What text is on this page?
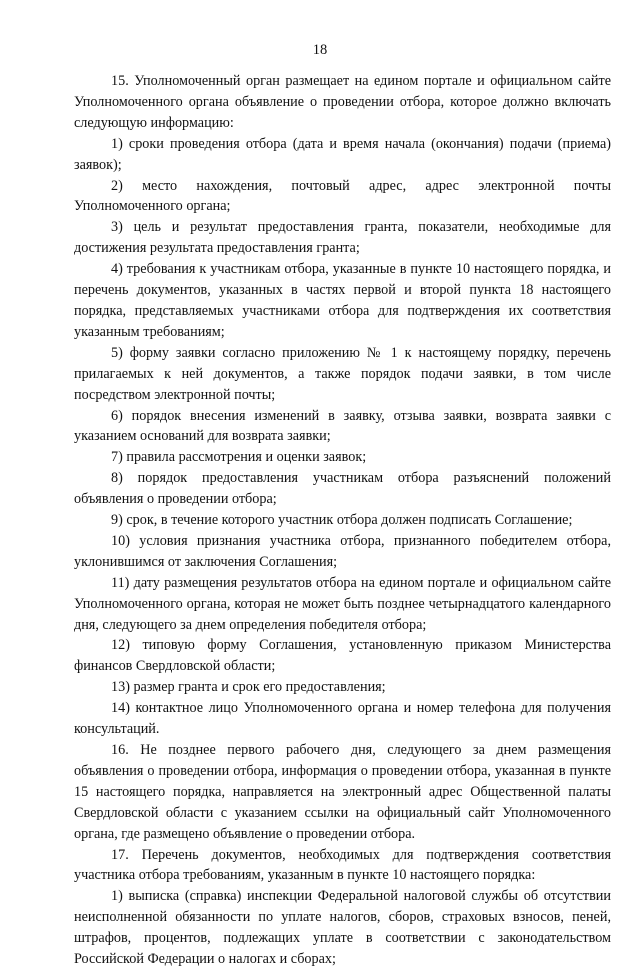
18

15. Уполномоченный орган размещает на едином портале и официальном сайте Уполномоченного органа объявление о проведении отбора, которое должно включать следующую информацию:

1) сроки проведения отбора (дата и время начала (окончания) подачи (приема) заявок);

2) место нахождения, почтовый адрес, адрес электронной почты Уполномоченного органа;

3) цель и результат предоставления гранта, показатели, необходимые для достижения результата предоставления гранта;

4) требования к участникам отбора, указанные в пункте 10 настоящего порядка, и перечень документов, указанных в частях первой и второй пункта 18 настоящего порядка, представляемых участниками отбора для подтверждения их соответствия указанным требованиям;

5) форму заявки согласно приложению № 1 к настоящему порядку, перечень прилагаемых к ней документов, а также порядок подачи заявки, в том числе посредством электронной почты;

6) порядок внесения изменений в заявку, отзыва заявки, возврата заявки с указанием оснований для возврата заявки;

7) правила рассмотрения и оценки заявок;

8) порядок предоставления участникам отбора разъяснений положений объявления о проведении отбора;

9) срок, в течение которого участник отбора должен подписать Соглашение;

10) условия признания участника отбора, признанного победителем отбора, уклонившимся от заключения Соглашения;

11) дату размещения результатов отбора на едином портале и официальном сайте Уполномоченного органа, которая не может быть позднее четырнадцатого календарного дня, следующего за днем определения победителя отбора;

12) типовую форму Соглашения, установленную приказом Министерства финансов Свердловской области;

13) размер гранта и срок его предоставления;

14) контактное лицо Уполномоченного органа и номер телефона для получения консультаций.

16. Не позднее первого рабочего дня, следующего за днем размещения объявления о проведении отбора, информация о проведении отбора, указанная в пункте 15 настоящего порядка, направляется на электронный адрес Общественной палаты Свердловской области с указанием ссылки на официальный сайт Уполномоченного органа, где размещено объявление о проведении отбора.

17. Перечень документов, необходимых для подтверждения соответствия участника отбора требованиям, указанным в пункте 10 настоящего порядка:

1) выписка (справка) инспекции Федеральной налоговой службы об отсутствии неисполненной обязанности по уплате налогов, сборов, страховых взносов, пеней, штрафов, процентов, подлежащих уплате в соответствии с законодательством Российской Федерации о налогах и сборах;
